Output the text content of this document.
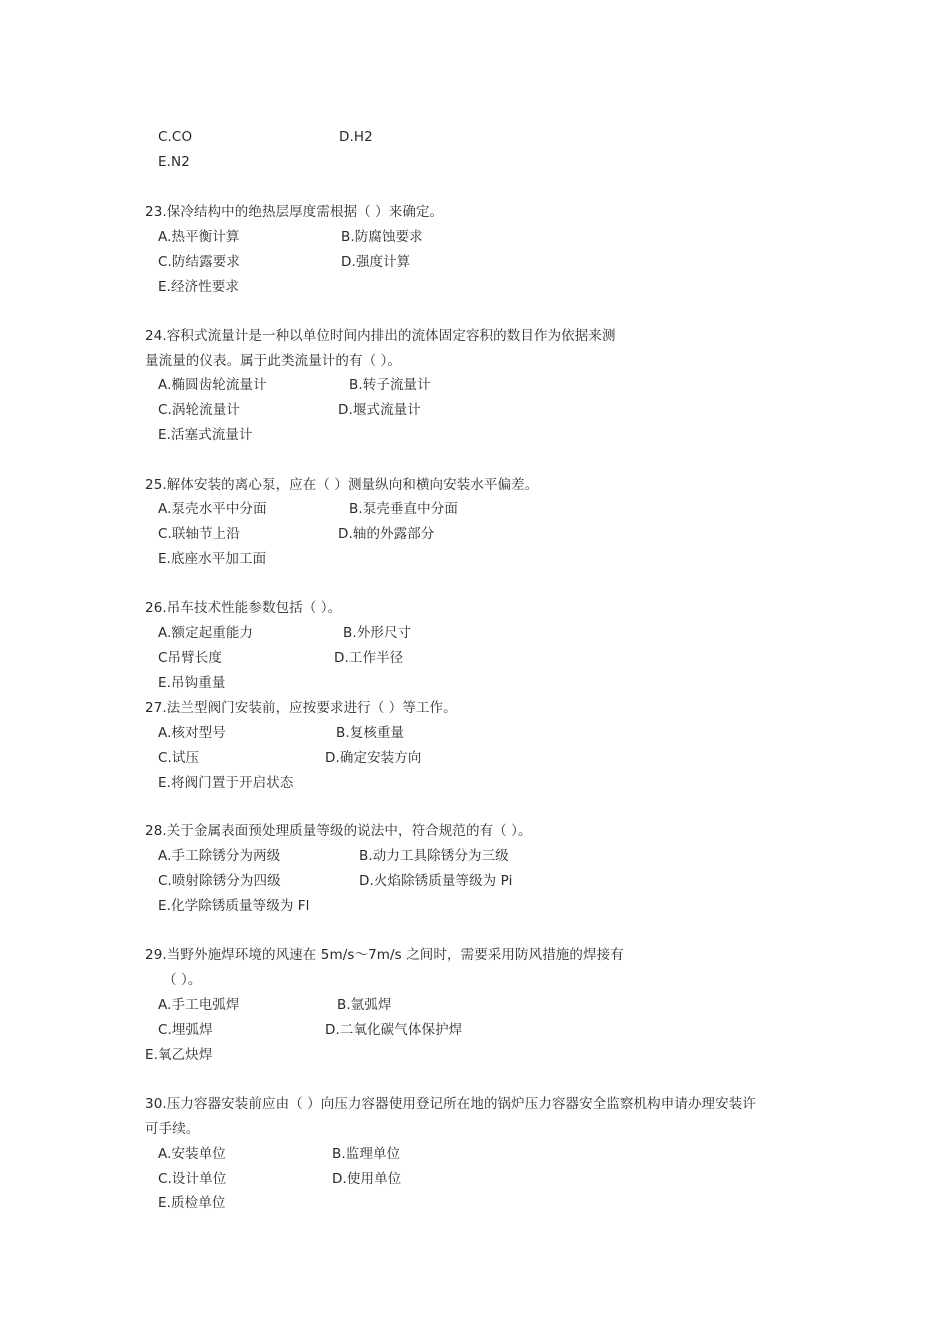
C.CO	D.H2
E.N2
23.保冷结构中的绝热层厚度需根据（ ）来确定。
A.热平衡计算	B.防腐蚀要求
C.防结露要求	D.强度计算
E.经济性要求
24.容积式流量计是一种以单位时间内排出的流体固定容积的数目作为依据来测
量流量的仪表。属于此类流量计的有（ ）。
A.椭圆齿轮流量计	B.转子流量计
C.涡轮流量计	D.堰式流量计
E.活塞式流量计
25.解体安装的离心泵，应在（ ）测量纵向和横向安装水平偏差。
A.泵壳水平中分面	B.泵壳垂直中分面
C.联轴节上沿	D.轴的外露部分
E.底座水平加工面
26.吊车技术性能参数包括（ ）。
A.额定起重能力	B.外形尺寸
C吊臂长度	D.工作半径
E.吊钩重量
27.法兰型阀门安装前，应按要求进行（ ）等工作。
A.核对型号	B.复核重量
C.试压	D.确定安装方向
E.将阀门置于开启状态
28.关于金属表面预处理质量等级的说法中，符合规范的有（ ）。
A.手工除锈分为两级	B.动力工具除锈分为三级
C.喷射除锈分为四级	D.火焰除锈质量等级为 Pi
E.化学除锈质量等级为 Fl
29.当野外施焊环境的风速在 5m/s～7m/s 之间时，需要采用防风措施的焊接有
（ ）。
A.手工电弧焊	B.氩弧焊
C.埋弧焊	D.二氧化碳气体保护焊
E.氧乙炔焊
30.压力容器安装前应由（ ）向压力容器使用登记所在地的锅炉压力容器安全监察机构申请办理安装许
可手续。
A.安装单位	B.监理单位
C.设计单位	D.使用单位
E.质检单位
